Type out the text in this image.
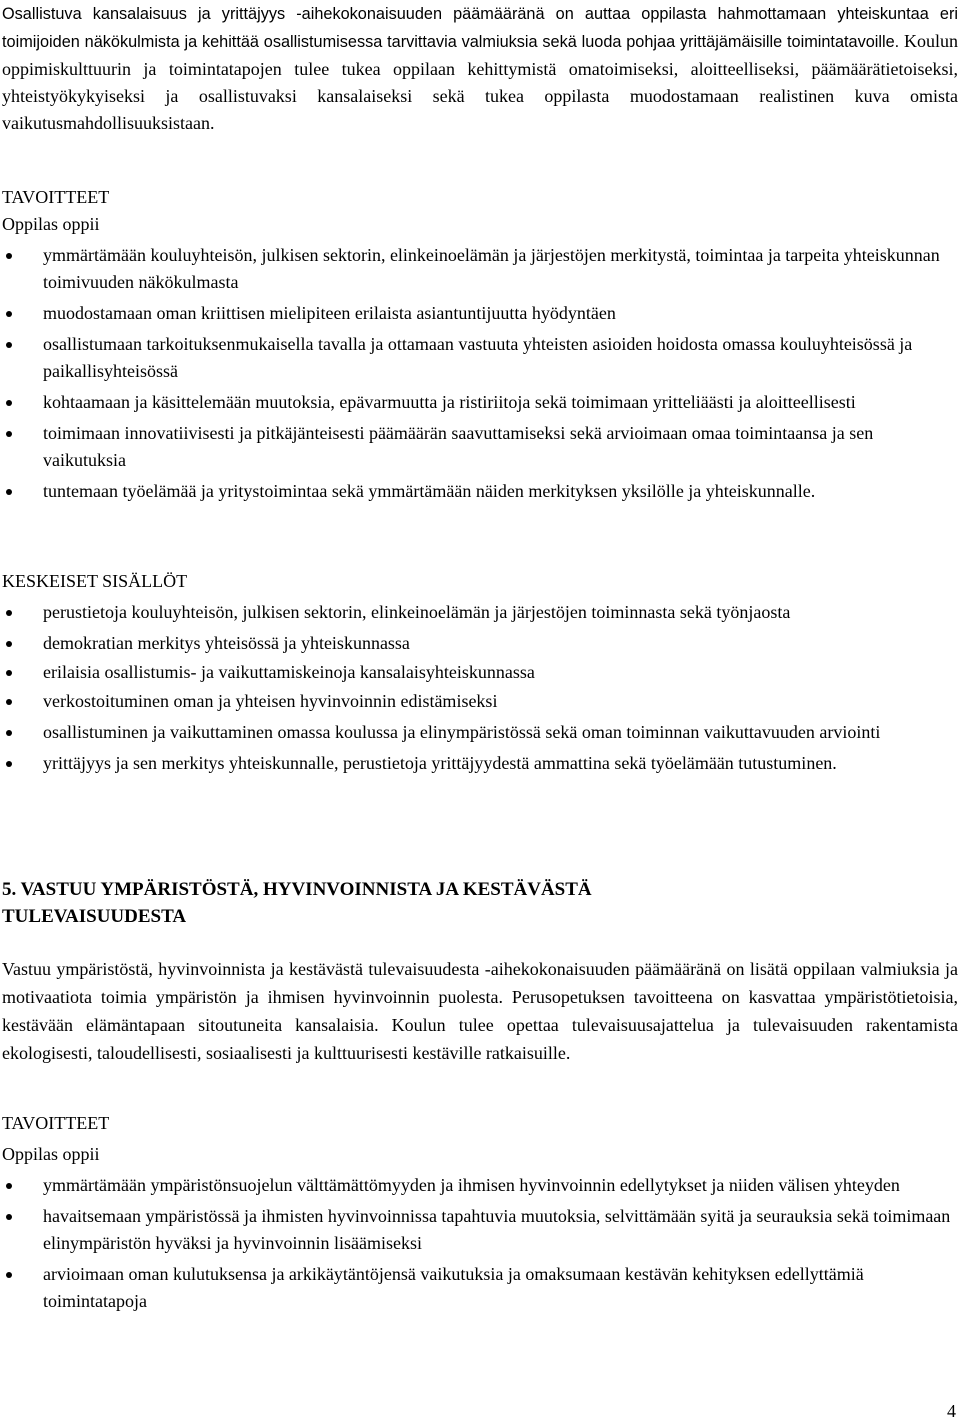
Osallistuva kansalaisuus ja yrittäjyys -aihekokonaisuuden päämääränä on auttaa oppilasta hahmottamaan yhteiskuntaa eri toimijoiden näkökulmista ja kehittää osallistumisessa tarvittavia valmiuksia sekä luoda pohjaa yrittäjämäisille toimintatavoille. Koulun oppimiskulttuurin ja toimintatapojen tulee tukea oppilaan kehittymistä omatoimiseksi, aloitteelliseksi, päämäärätietoiseksi, yhteistyökykyiseksi ja osallistuvaksi kansalaiseksi sekä tukea oppilasta muodostamaan realistinen kuva omista vaikutusmahdollisuuksistaan.

TAVOITTEET

Oppilas oppii

ymmärtämään kouluyhteisön, julkisen sektorin, elinkeinoelämän ja järjestöjen merkitystä, toimintaa ja tarpeita yhteiskunnan toimivuuden näkökulmasta
muodostamaan oman kriittisen mielipiteen erilaista asiantuntijuutta hyödyntäen
osallistumaan tarkoituksenmukaisella tavalla ja ottamaan vastuuta yhteisten asioiden hoidosta omassa kouluyhteisössä ja paikallisyhteisössä
kohtaamaan ja käsittelemään muutoksia, epävarmuutta ja ristiriitoja sekä toimimaan yritteliäästi ja aloitteellisesti
toimimaan innovatiivisesti ja pitkäjänteisesti päämäärän saavuttamiseksi sekä arvioimaan omaa toimintaansa ja sen vaikutuksia
tuntemaan työelämää ja yritystoimintaa sekä ymmärtämään näiden merkityksen yksilölle ja yhteiskunnalle.

KESKEISET SISÄLLÖT

perustietoja kouluyhteisön, julkisen sektorin, elinkeinoelämän ja järjestöjen toiminnasta sekä työnjaosta
demokratian merkitys yhteisössä ja yhteiskunnassa
erilaisia osallistumis- ja vaikuttamiskeinoja kansalaisyhteiskunnassa
verkostoituminen oman ja yhteisen hyvinvoinnin edistämiseksi
osallistuminen ja vaikuttaminen omassa koulussa ja elinympäristössä sekä oman toiminnan vaikuttavuuden arviointi
yrittäjyys ja sen merkitys yhteiskunnalle, perustietoja yrittäjyydestä ammattina sekä työelämään tutustuminen.

5. VASTUU YMPÄRISTÖSTÄ, HYVINVOINNISTA JA KESTÄVÄSTÄ

TULEVAISUUDESTA

Vastuu ympäristöstä, hyvinvoinnista ja kestävästä tulevaisuudesta -aihekokonaisuuden päämääränä on lisätä oppilaan valmiuksia ja motivaatiota toimia ympäristön ja ihmisen hyvinvoinnin puolesta. Perusopetuksen tavoitteena on kasvattaa ympäristötietoisia, kestävään elämäntapaan sitoutuneita kansalaisia. Koulun tulee opettaa tulevaisuusajattelua ja tulevaisuuden rakentamista ekologisesti, taloudellisesti, sosiaalisesti ja kulttuurisesti kestäville ratkaisuille.

TAVOITTEET

Oppilas oppii

ymmärtämään ympäristönsuojelun välttämättömyyden ja ihmisen hyvinvoinnin edellytykset ja niiden välisen yhteyden
havaitsemaan ympäristössä ja ihmisten hyvinvoinnissa tapahtuvia muutoksia, selvittämään syitä ja seurauksia sekä toimimaan elinympäristön hyväksi ja hyvinvoinnin lisäämiseksi
arvioimaan oman kulutuksensa ja arkikäytäntöjensä vaikutuksia ja omaksumaan kestävän kehityksen edellyttämiä toimintatapoja
4
